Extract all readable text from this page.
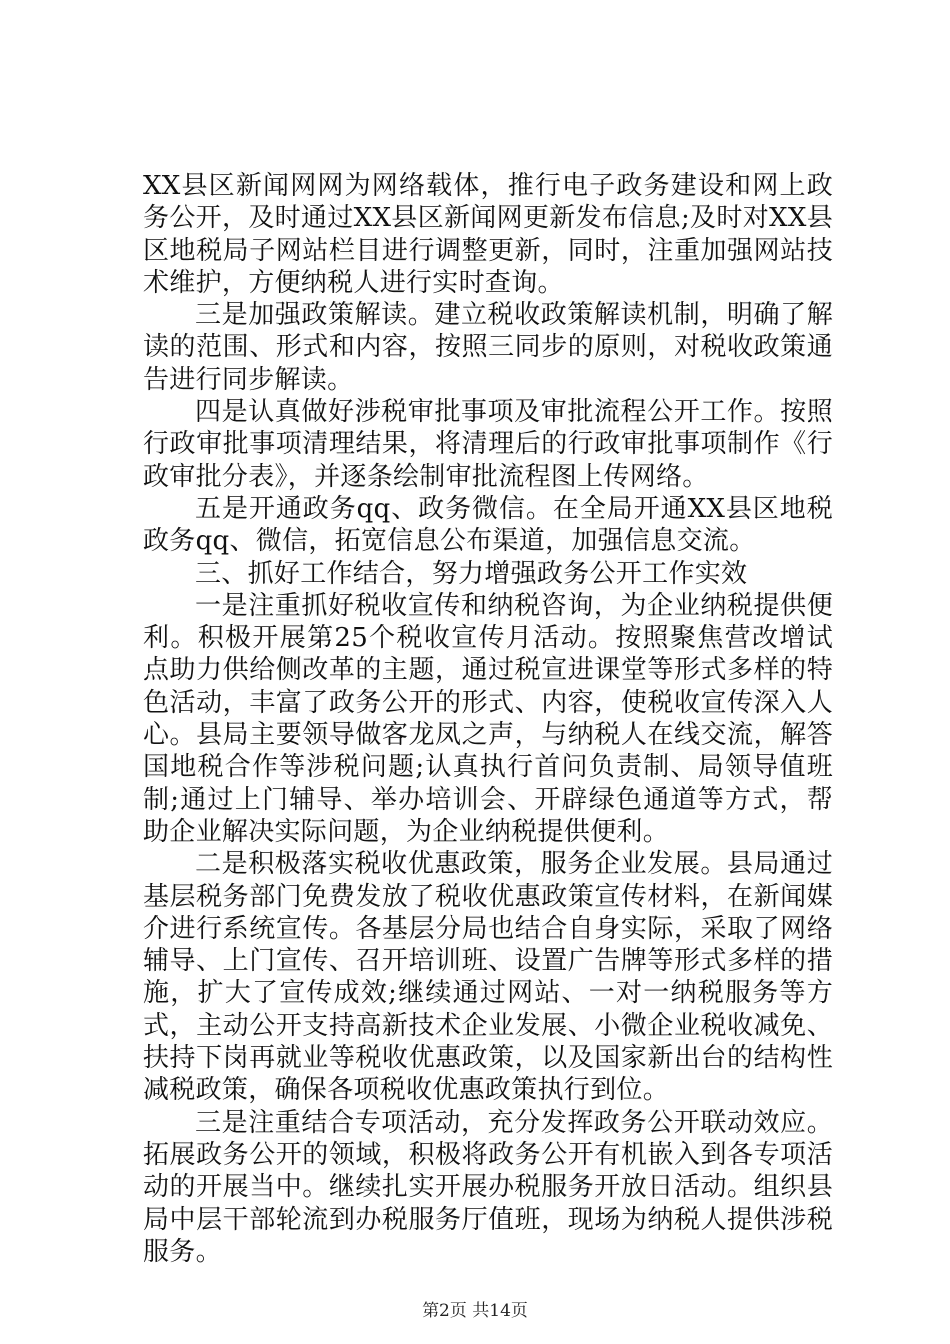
XX县区新闻网网为网络载体，推行电子政务建设和网上政务公开，及时通过XX县区新闻网更新发布信息;及时对XX县区地税局子网站栏目进行调整更新，同时，注重加强网站技术维护，方便纳税人进行实时查询。

三是加强政策解读。建立税收政策解读机制，明确了解读的范围、形式和内容，按照三同步的原则，对税收政策通告进行同步解读。

四是认真做好涉税审批事项及审批流程公开工作。按照行政审批事项清理结果，将清理后的行政审批事项制作《行政审批分表》，并逐条绘制审批流程图上传网络。

五是开通政务qq、政务微信。在全局开通XX县区地税政务qq、微信，拓宽信息公布渠道，加强信息交流。

三、抓好工作结合，努力增强政务公开工作实效

一是注重抓好税收宣传和纳税咨询，为企业纳税提供便利。积极开展第25个税收宣传月活动。按照聚焦营改增试点助力供给侧改革的主题，通过税宣进课堂等形式多样的特色活动，丰富了政务公开的形式、内容，使税收宣传深入人心。县局主要领导做客龙凤之声，与纳税人在线交流，解答国地税合作等涉税问题;认真执行首问负责制、局领导值班制;通过上门辅导、举办培训会、开辟绿色通道等方式，帮助企业解决实际问题，为企业纳税提供便利。

二是积极落实税收优惠政策，服务企业发展。县局通过基层税务部门免费发放了税收优惠政策宣传材料，在新闻媒介进行系统宣传。各基层分局也结合自身实际，采取了网络辅导、上门宣传、召开培训班、设置广告牌等形式多样的措施，扩大了宣传成效;继续通过网站、一对一纳税服务等方式，主动公开支持高新技术企业发展、小微企业税收减免、扶持下岗再就业等税收优惠政策，以及国家新出台的结构性减税政策，确保各项税收优惠政策执行到位。

三是注重结合专项活动，充分发挥政务公开联动效应。拓展政务公开的领域，积极将政务公开有机嵌入到各专项活动的开展当中。继续扎实开展办税服务开放日活动。组织县局中层干部轮流到办税服务厅值班，现场为纳税人提供涉税服务。

第2页 共14页
